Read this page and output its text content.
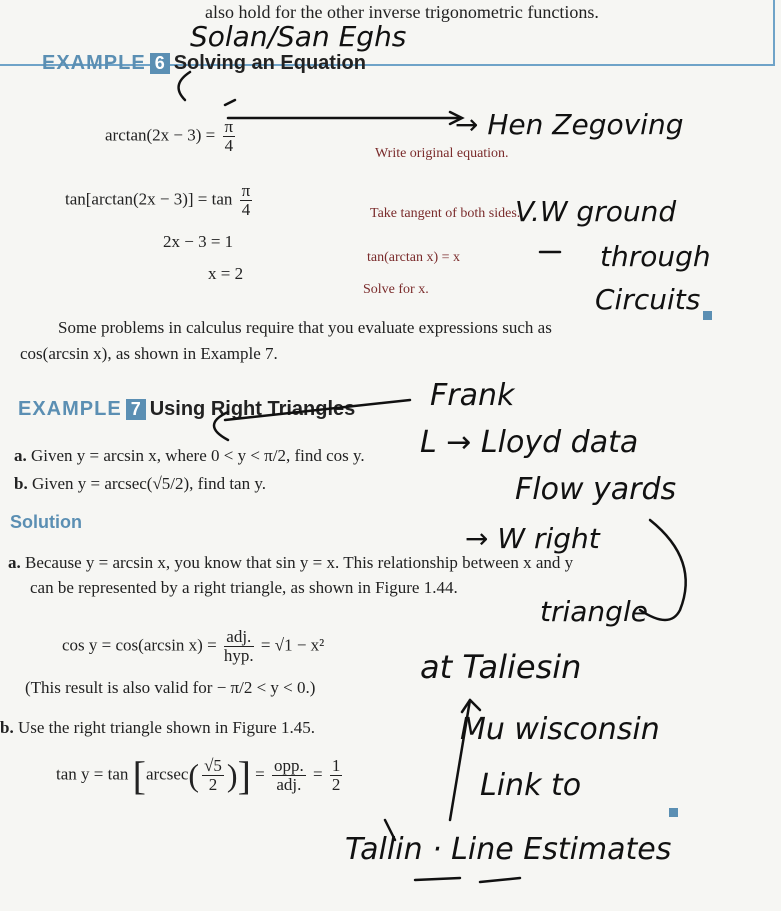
also hold for the other inverse trigonometric functions.
EXAMPLE 6 Solving an Equation
$\arctan(2x - 3) = \frac{\pi}{4}$	Write original equation.
$\tan[\arctan(2x - 3)] = \tan \frac{\pi}{4}$	Take tangent of both sides.
2x − 3 = 1
tan(arctan x) = x
x = 2
Solve for x.
Some problems in calculus require that you evaluate expressions such as
cos(arcsin x), as shown in Example 7.
EXAMPLE 7 Using Right Triangles
a. Given y = arcsin x, where 0 < y < π/2, find cos y.
b. Given y = arcsec(√5/2), find tan y.
Solution
a. Because y = arcsin x, you know that sin y = x. This relationship between x and y
can be represented by a right triangle, as shown in Figure 1.44.
cos y = cos(arcsin $x) = \frac{\text{adj.}}{\text{hyp.}} = √1 - x^2$
(This result is also valid for − π/2 < y < 0.)
b. Use the right triangle shown in Figure 1.45.
$\tan y = \tan [arcsec( \frac{√5}{2}$ )] = $\frac{\text{opp.}}{\text{adj.}} = \frac{1}{2}$
Solan/San Eghs
→ Hen Zegoving
V.W ground
through
Circuits
Frank
L → Lloyd data
Flow yards
→ W right
triangle
at Taliesin
Mu wisconsin
Link to
Tallin · Line Estimates
